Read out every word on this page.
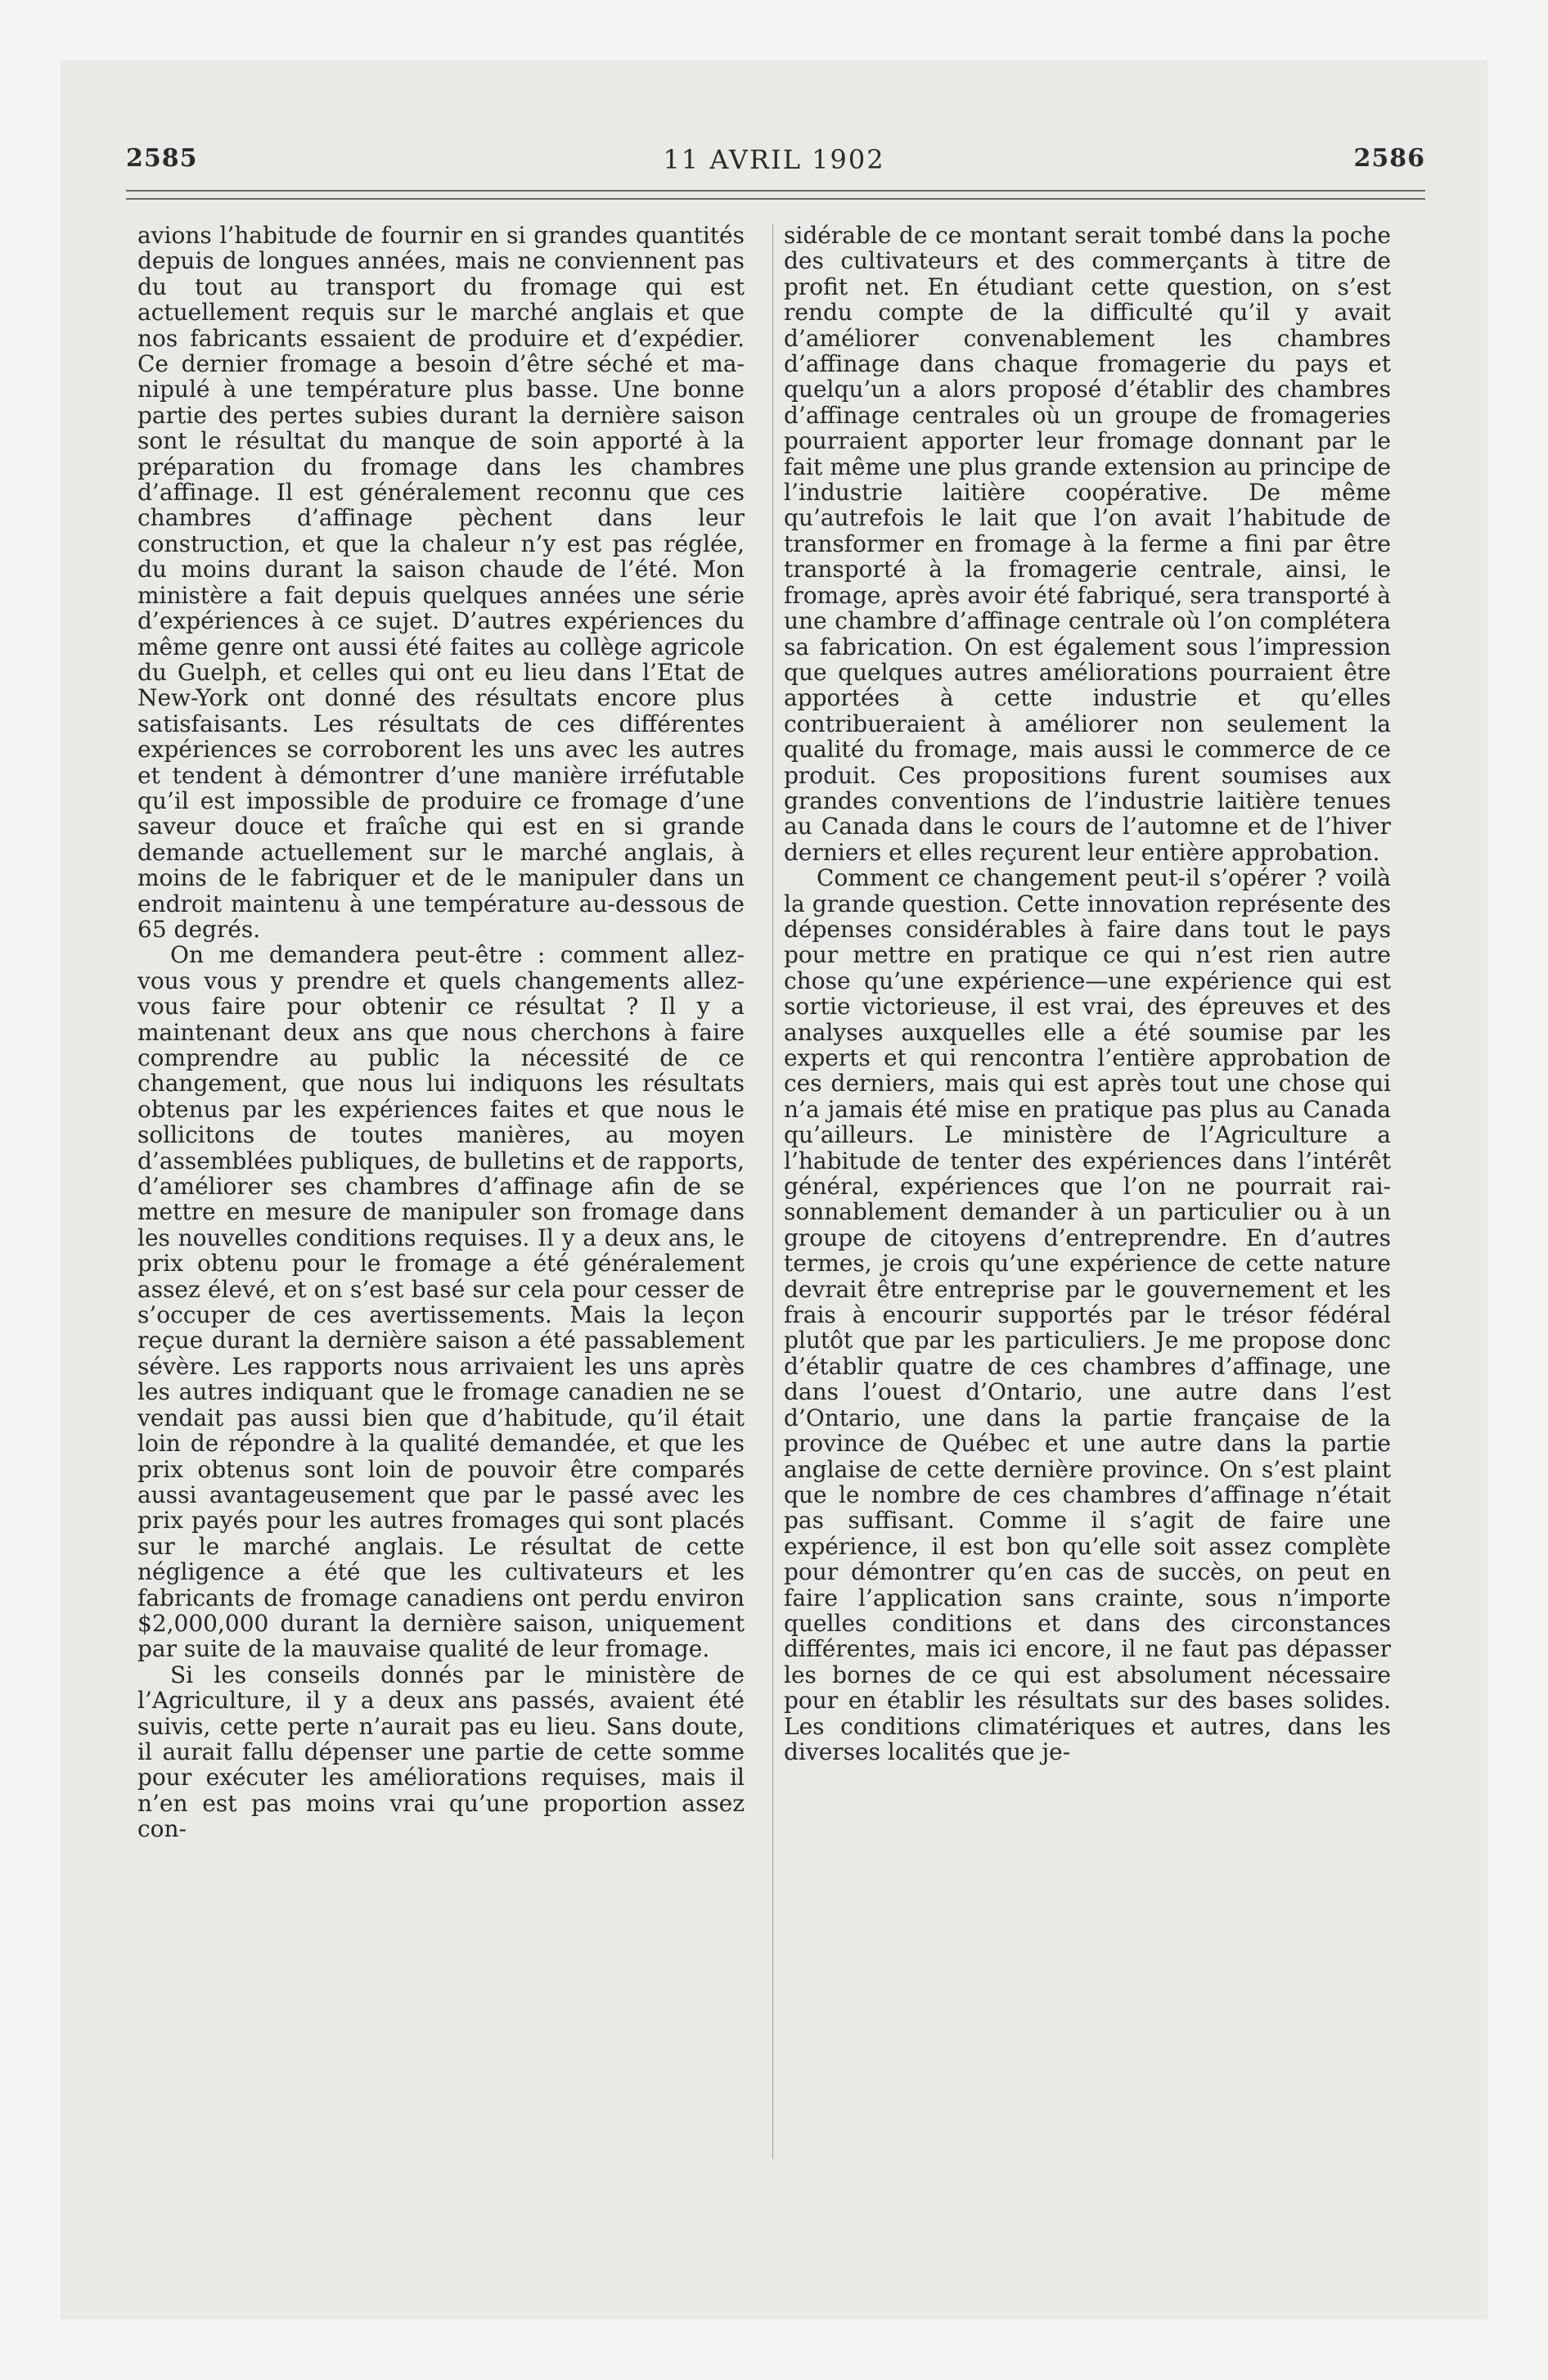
2585	11 AVRIL 1902	2586

avions l’habitude de fournir en si grandes quantités depuis de longues années, mais ne conviennent pas du tout au transport du fromage qui est actuellement requis sur le marché anglais et que nos fabricants essaient de produire et d’expédier. Ce dernier fromage a besoin d’être séché et manipulé à une température plus basse. Une bonne partie des pertes subies durant la dernière saison sont le résultat du manque de soin apporté à la préparation du fromage dans les chambres d’affinage. Il est généralement reconnu que ces chambres d’affinage pèchent dans leur construction, et que la chaleur n’y est pas réglée, du moins durant la saison chaude de l’été. Mon ministère a fait depuis quelques années une série d’expériences à ce sujet. D’autres expériences du même genre ont aussi été faites au collège agricole du Guelph, et celles qui ont eu lieu dans l’Etat de New-York ont donné des résultats encore plus satisfaisants. Les résultats de ces différentes expériences se corroborent les uns avec les autres et tendent à démontrer d’une manière irréfutable qu’il est impossible de produire ce fromage d’une saveur douce et fraîche qui est en si grande demande actuellement sur le marché anglais, à moins de le fabriquer et de le manipuler dans un endroit maintenu à une température au-dessous de 65 degrés.

On me demandera peut-être : comment allez-vous vous y prendre et quels changements allez-vous faire pour obtenir ce résultat ? Il y a maintenant deux ans que nous cherchons à faire comprendre au public la nécessité de ce changement, que nous lui indiquons les résultats obtenus par les expériences faites et que nous le sollicitons de toutes manières, au moyen d’assemblées publiques, de bulletins et de rapports, d’améliorer ses chambres d’affinage afin de se mettre en mesure de manipuler son fromage dans les nouvelles conditions requises. Il y a deux ans, le prix obtenu pour le fromage a été généralement assez élevé, et on s’est basé sur cela pour cesser de s’occuper de ces avertissements. Mais la leçon reçue durant la dernière saison a été passablement sévère. Les rapports nous arrivaient les uns après les autres indiquant que le fromage canadien ne se vendait pas aussi bien que d’habitude, qu’il était loin de répondre à la qualité demandée, et que les prix obtenus sont loin de pouvoir être comparés aussi avantageusement que par le passé avec les prix payés pour les autres fromages qui sont placés sur le marché anglais. Le résultat de cette négligence a été que les cultivateurs et les fabricants de fromage canadiens ont perdu environ $2,000,000 durant la dernière saison, uniquement par suite de la mauvaise qualité de leur fromage.

Si les conseils donnés par le ministère de l’Agriculture, il y a deux ans passés, avaient été suivis, cette perte n’aurait pas eu lieu. Sans doute, il aurait fallu dépenser une partie de cette somme pour exécuter les améliorations requises, mais il n’en est pas moins vrai qu’une proportion assez con-

sidérable de ce montant serait tombé dans la poche des cultivateurs et des commerçants à titre de profit net. En étudiant cette question, on s’est rendu compte de la difficulté qu’il y avait d’améliorer convenablement les chambres d’affinage dans chaque fromagerie du pays et quelqu’un a alors proposé d’établir des chambres d’affinage centrales où un groupe de fromageries pourraient apporter leur fromage donnant par le fait même une plus grande extension au principe de l’industrie laitière coopérative. De même qu’autrefois le lait que l’on avait l’habitude de transformer en fromage à la ferme a fini par être transporté à la fromagerie centrale, ainsi, le fromage, après avoir été fabriqué, sera transporté à une chambre d’affinage centrale où l’on complétera sa fabrication. On est également sous l’impression que quelques autres améliorations pourraient être apportées à cette industrie et qu’elles contribueraient à améliorer non seulement la qualité du fromage, mais aussi le commerce de ce produit. Ces propositions furent soumises aux grandes conventions de l’industrie laitière tenues au Canada dans le cours de l’automne et de l’hiver derniers et elles reçurent leur entière approbation.

Comment ce changement peut-il s’opérer ? voilà la grande question. Cette innovation représente des dépenses considérables à faire dans tout le pays pour mettre en pratique ce qui n’est rien autre chose qu’une expérience—une expérience qui est sortie victorieuse, il est vrai, des épreuves et des analyses auxquelles elle a été soumise par les experts et qui rencontra l’entière approbation de ces derniers, mais qui est après tout une chose qui n’a jamais été mise en pratique pas plus au Canada qu’ailleurs. Le ministère de l’Agriculture a l’habitude de tenter des expériences dans l’intérêt général, expériences que l’on ne pourrait raisonnablement demander à un particulier ou à un groupe de citoyens d’entreprendre. En d’autres termes, je crois qu’une expérience de cette nature devrait être entreprise par le gouvernement et les frais à encourir supportés par le trésor fédéral plutôt que par les particuliers. Je me propose donc d’établir quatre de ces chambres d’affinage, une dans l’ouest d’Ontario, une autre dans l’est d’Ontario, une dans la partie française de la province de Québec et une autre dans la partie anglaise de cette dernière province. On s’est plaint que le nombre de ces chambres d’affinage n’était pas suffisant. Comme il s’agit de faire une expérience, il est bon qu’elle soit assez complète pour démontrer qu’en cas de succès, on peut en faire l’application sans crainte, sous n’importe quelles conditions et dans des circonstances différentes, mais ici encore, il ne faut pas dépasser les bornes de ce qui est absolument nécessaire pour en établir les résultats sur des bases solides. Les conditions climatériques et autres, dans les diverses localités que je-
